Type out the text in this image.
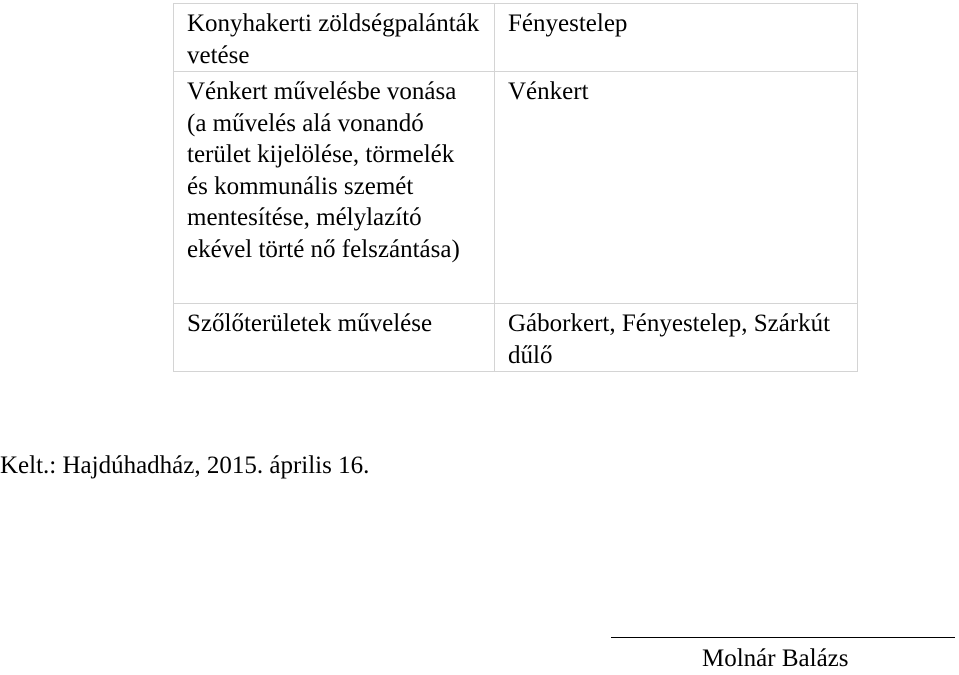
Konyhakerti zöldségpalánták vetése	Fényestelep

Vénkert művelésbe vonása (a művelés alá vonandó terület kijelölése, törmelék és kommunális szemét mentesítése, mélylazító ekével törté nő felszántása)	Vénkert

Szőlőterületek művelése	Gáborkert, Fényestelep, Szárkút dűlő
Kelt.: Hajdúhadház, 2015. április 16.
Molnár Balázs
